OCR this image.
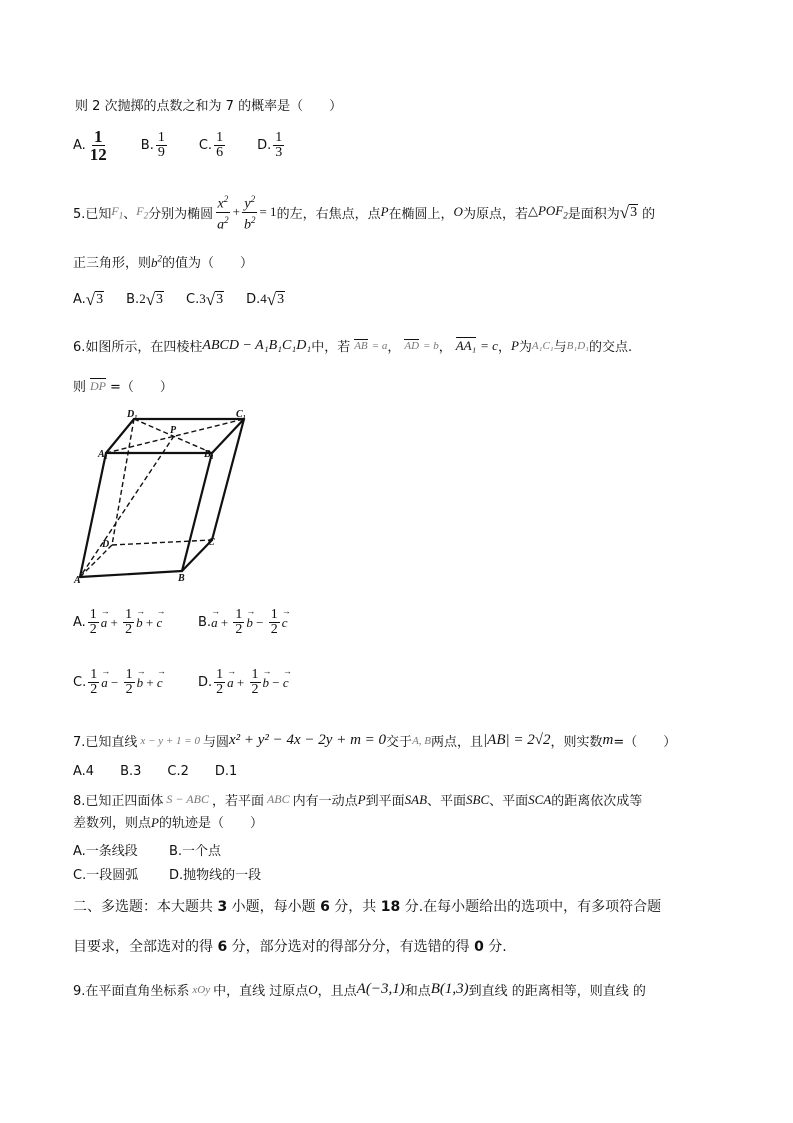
则 2 次抛掷的点数之和为 7 的概率是（　　）
A. $\frac{1}{12} B$. $\frac{1}{9} C$. $\frac{1}{6} D$. $\frac{1}{3}$
5.已知 $F_1$ 、 $F_2$ 分别为椭圆 $\frac{x^2}{a^2} + \frac{y^2}{b^2} = 1$ 的左，右焦点，点 P 在椭圆上， O 为原点，若 $\triangle POF_2$ 是面积为 √ 3 的
正三角形，则$b^2$的值为（　　）
A. √ 3 B. 2 √ 3 C. 3 √ 3 D. 4 √ 3
6.如图所示，在四棱柱 ABCD − A₁B₁C₁D₁ 中，若 AB = a ， AD = b ， AA₁ = c ， P 为 A₁C₁ 与 B₁D₁ 的交点.
则 DP =（　　）
D₁	C₁
P
A₁	B₁
D	C
A	B
A. $\frac{1}{2}$
→ $a + \frac{1}{2}$
→ b +
→ c	B.
→ $a + \frac{1}{2}$
→ $b - \frac{1}{2}$
→ c
C. $\frac{1}{2}$
→ $a - \frac{1}{2}$
→ b +
→ c	D. $\frac{1}{2}$
→ $a + \frac{1}{2}$
→ b −
→ c
7.已知直线 x − y + 1 = 0 与圆 x² + y² − 4x − 2y + m = 0 交于 A, B 两点，且 |AB| = 2√2 ，则实数 m =（　　）
A.4 B.3 C.2 D.1
8.已知正四面体 S − ABC ，若平面 ABC 内有一动点 P 到平面 SAB 、平面 SBC 、平面 SCA 的距离依次成等
差数列，则点P的轨迹是（　　）
A.一条线段 B.一个点
C.一段圆弧 D.抛物线的一段
二、多选题：本大题共 3 小题，每小题 6 分，共 18 分.在每小题给出的选项中，有多项符合题
目要求，全部选对的得 6 分，部分选对的得部分分，有选错的得 0 分.
9.在平面直角坐标系 xOy 中，直线 过原点 O ，且点 A(−3,1) 和点 B(1,3) 到直线 的距离相等，则直线 的
